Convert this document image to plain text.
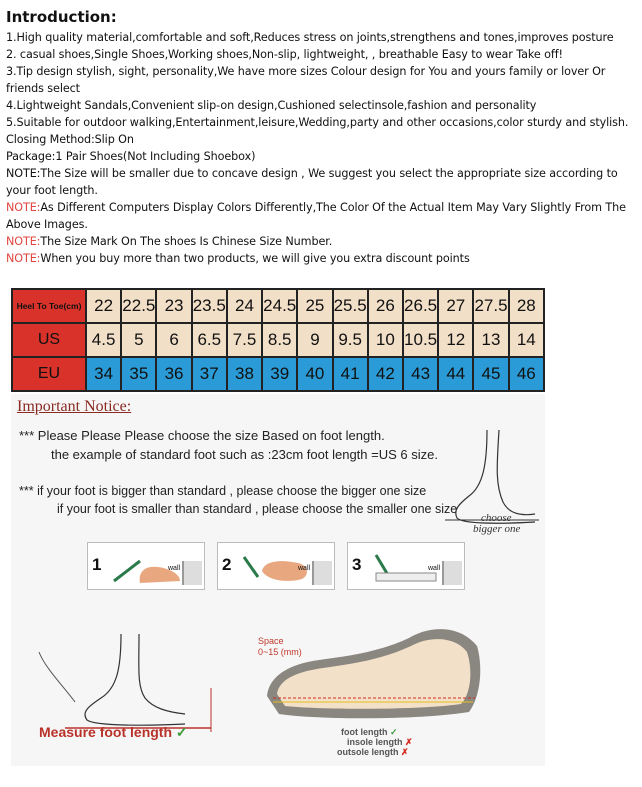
Introduction:

1.High quality material,comfortable and soft,Reduces stress on joints,strengthens and tones,improves posture

2. casual shoes,Single Shoes,Working shoes,Non-slip, lightweight, , breathable Easy to wear Take off!

3.Tip design stylish, sight, personality,We have more sizes Colour design for You and yours family or lover Or friends select

4.Lightweight Sandals,Convenient slip-on design,Cushioned selectinsole,fashion and personality

5.Suitable for outdoor walking,Entertainment,leisure,Wedding,party and other occasions,color sturdy and stylish.

Closing Method:Slip On

Package:1 Pair Shoes(Not Including Shoebox)

NOTE:The Size will be smaller due to concave design , We suggest you select the appropriate size according to your foot length.

NOTE:As Different Computers Display Colors Differently,The Color Of the Actual Item May Vary Slightly From The Above Images.

NOTE:The Size Mark On The shoes Is Chinese Size Number.

NOTE:When you buy more than two products, we will give you extra discount points

Heel To Toe(cm)	22	22.5	23	23.5	24	24.5	25	25.5	26	26.5	27	27.5	28
US	4.5	5	6	6.5	7.5	8.5	9	9.5	10	10.5	12	13	14
EU	34	35	36	37	38	39	40	41	42	43	44	45	46
Important Notice:
*** Please Please Please choose the size Based on foot length.
the example of standard foot such as :23cm foot length =US 6 size.
*** if your foot is bigger than standard , please choose the bigger one size
if your foot is smaller than standard , please choose the smaller one size
choose
bigger one
1	wall 2	wall 3	wall
Measure foot length ✓
Space
0~15 (mm)
foot length ✓
insole length ✗
outsole length ✗
